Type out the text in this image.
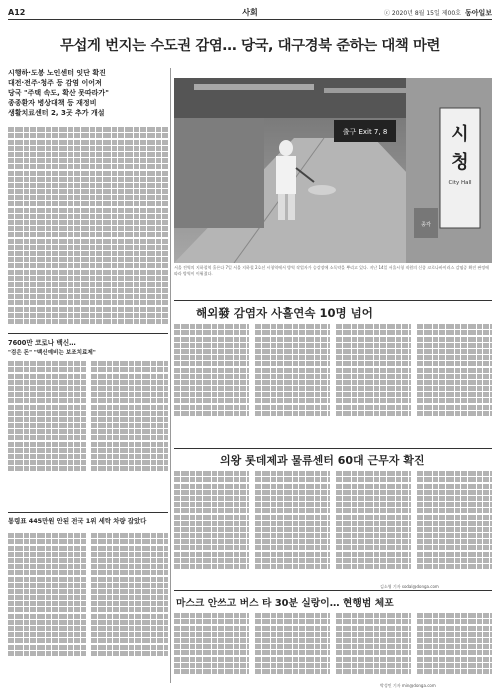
A12	사회	ⓒ 2020년 8월 15일 제00호 동아일보
무섭게 번지는 수도권 감염… 당국, 대구경북 준하는 대책 마련
시행하·도봉 노인센터 잇단 확진
대전·전주·청주 등 감염 이어져
당국 "주택 속도, 확산 못따라가"
종종환자 병상대책 등 재정비
생활치료센터 2, 3곳 추가 개설
출구 Exit 7, 8	시
청
City Hall
종각
서울 전역의 지하철역 홀론다 7일 서울 지하철 2호선 시청역에서 방역 작업자가 승강장에 소독약을 뿌리고 있다. 지난 14일 서울시청 직원의 신종 코로나바이러스 감염증 확진 판정에 따라 방역이 이뤄졌다.
해외發 감염자 사흘연속 10명 넘어
7600만 코로나 백신…
"검은 돈" "백신예비는 보조치료제"
의왕 롯데제과 물류센터 60대 근무자 확진
통령표 445만원 안된 전국 1위 세탁 차량 잡았다
마스크 안쓰고 버스 타 30분 실랑이… 현행범 체포
김소영 기자 sodal@donga.com
박성민 기자 min@donga.com
